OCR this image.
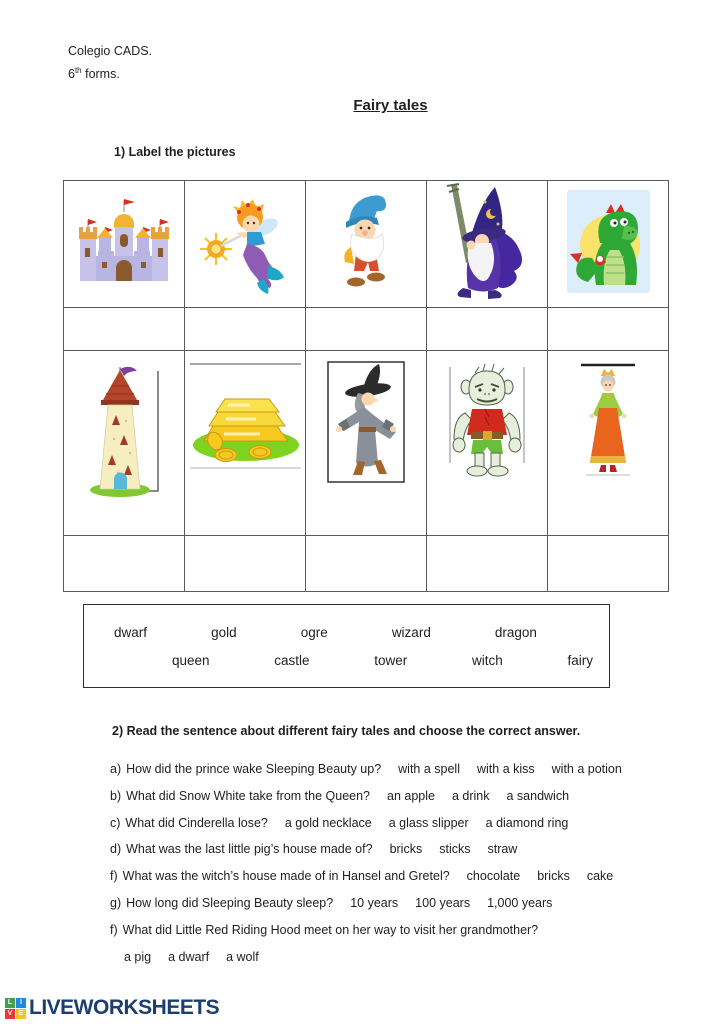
Colegio CADS.
6th forms.
Fairy tales
1) Label the pictures

dwarf	gold	ogre	wizard	dragon
queen	castle	tower	witch	fairy
2) Read the sentence about different fairy tales and choose the correct answer.
a) How did the prince wake Sleeping Beauty up? with a spell with a kiss with a potion
b) What did Snow White take from the Queen? an apple a drink a sandwich
c) What did Cinderella lose? a gold necklace a glass slipper a diamond ring
d) What was the last little pig’s house made of? bricks sticks straw
f) What was the witch’s house made of in Hansel and Gretel? chocolate bricks cake
g) How long did Sleeping Beauty sleep? 10 years 100 years 1,000 years
f) What did Little Red Riding Hood meet on her way to visit her grandmother?
a pig a dwarf a wolf
L	I
V E LIVEWORKSHEETS
